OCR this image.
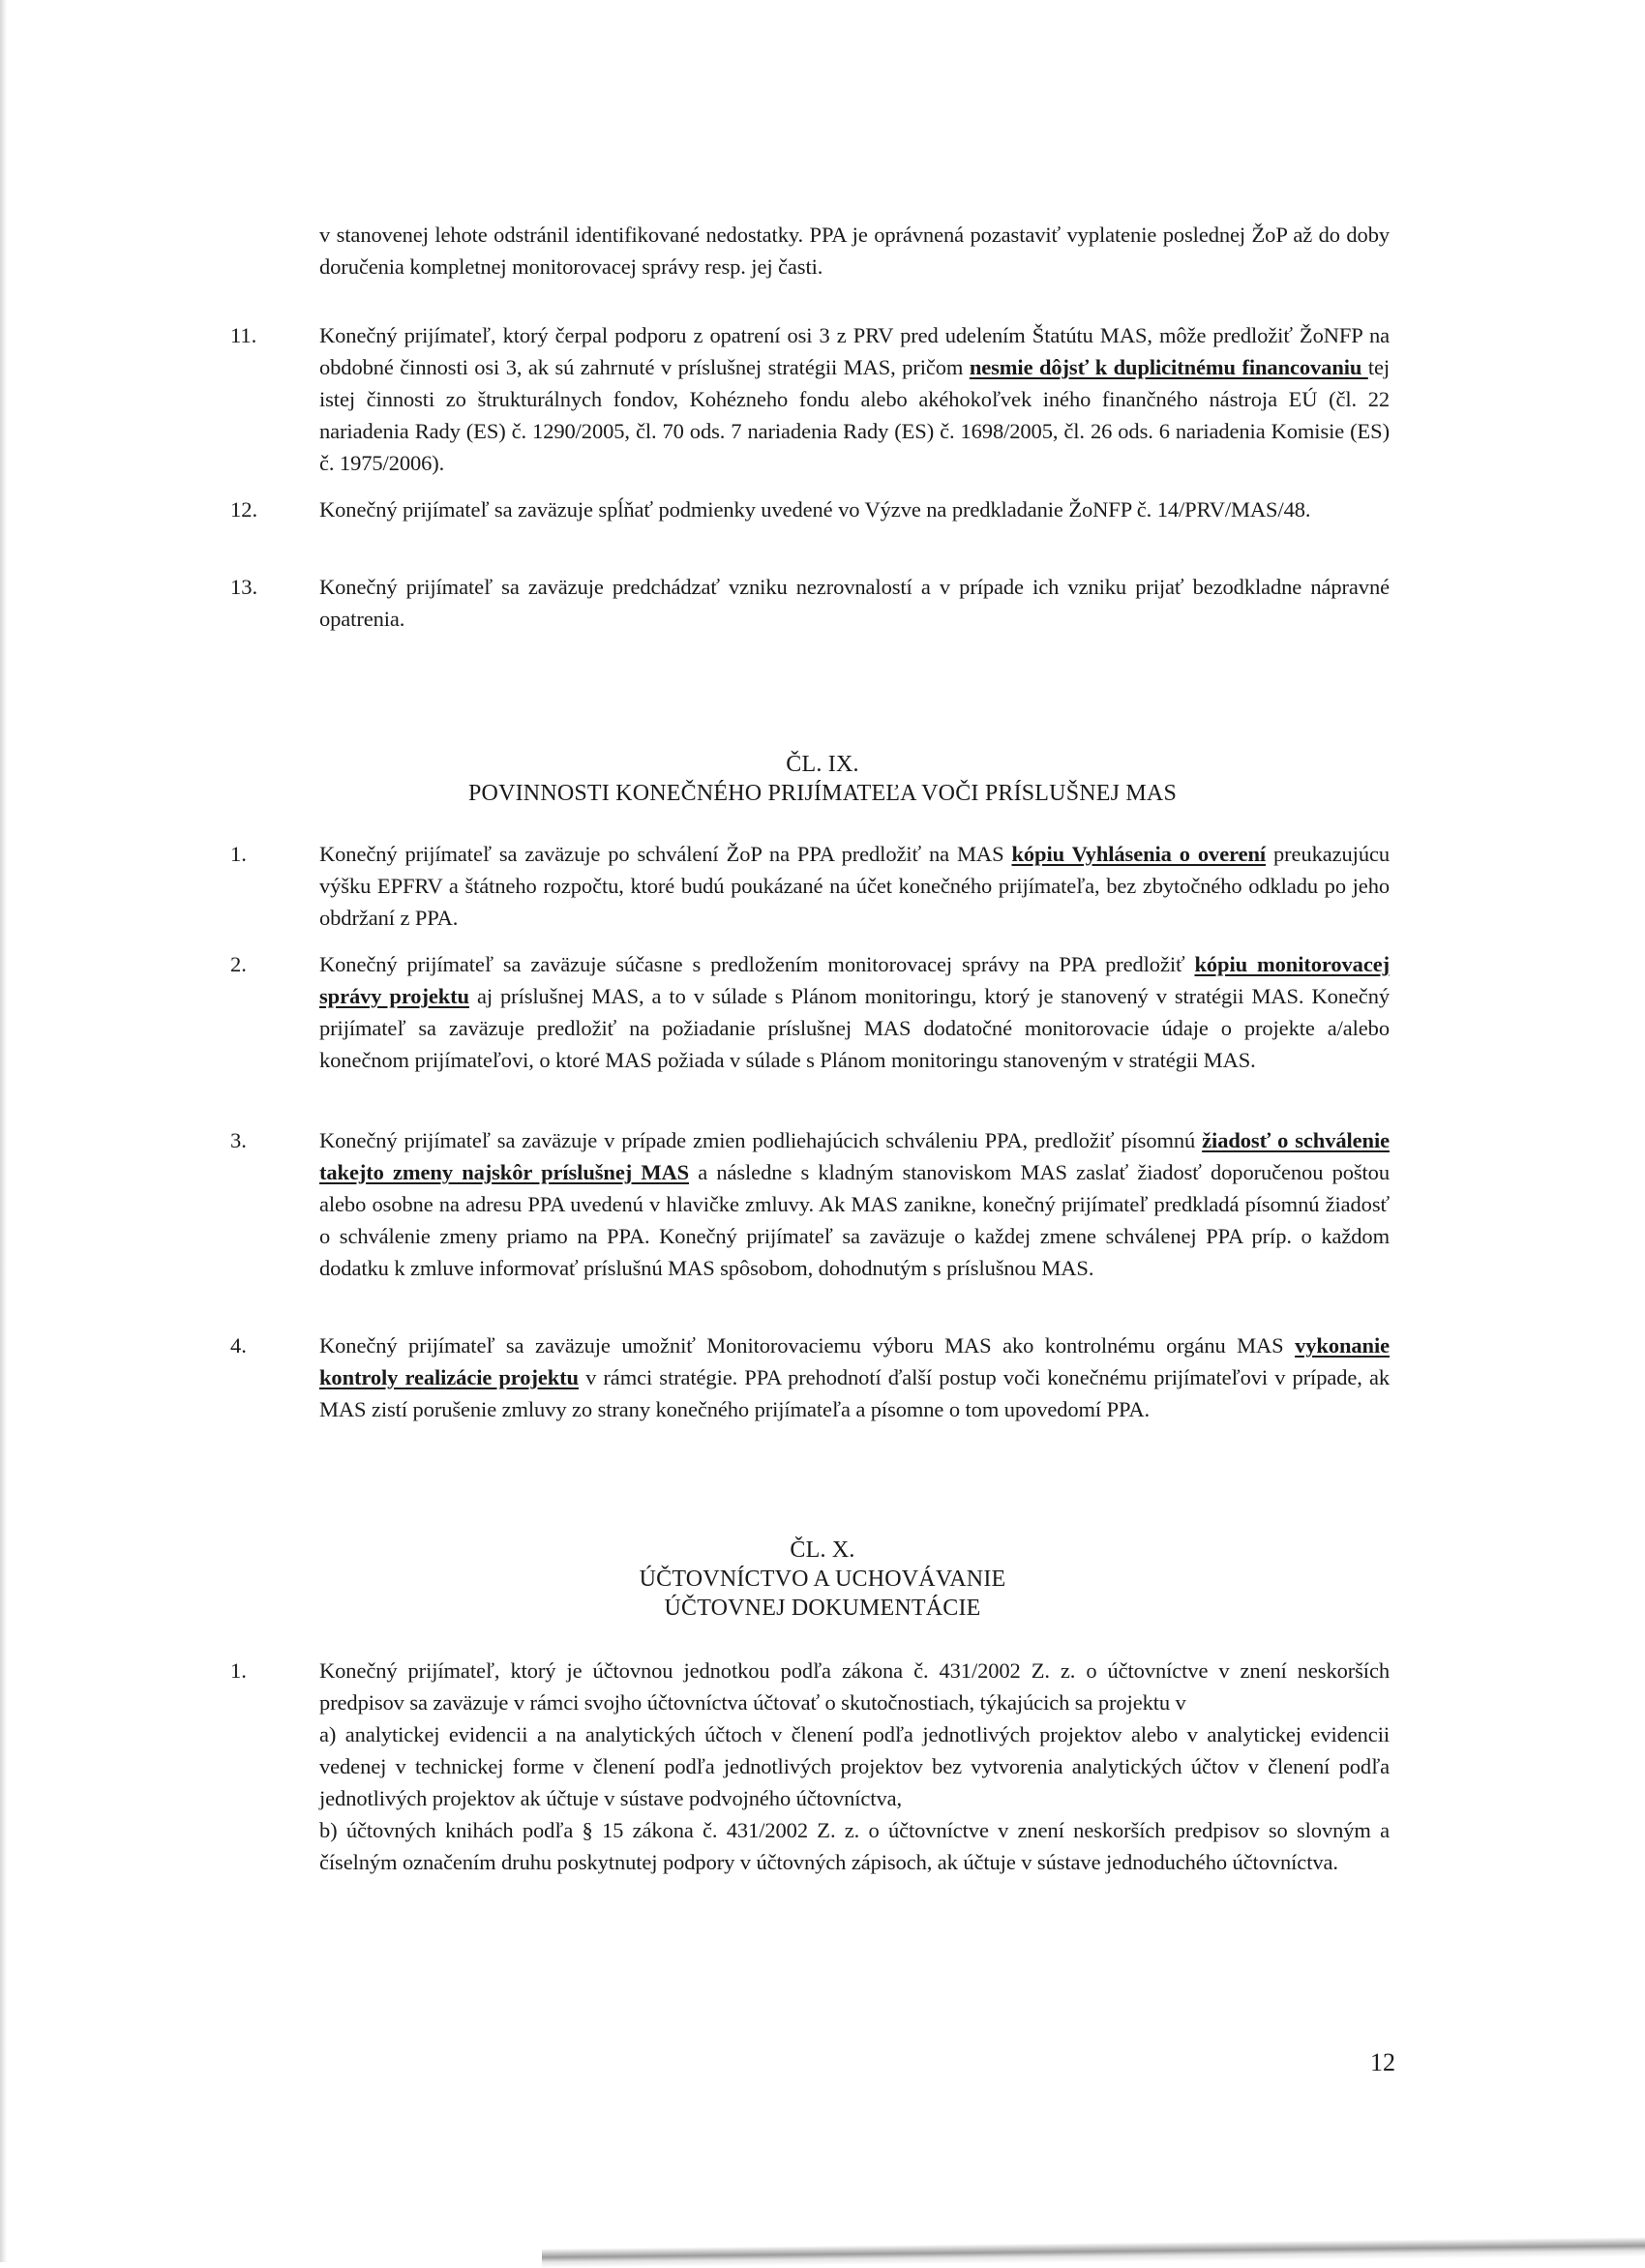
v stanovenej lehote odstránil identifikované nedostatky. PPA je oprávnená pozastaviť vyplatenie poslednej ŽoP až do doby doručenia kompletnej monitorovacej správy resp. jej časti.
11.	Konečný prijímateľ, ktorý čerpal podporu z opatrení osi 3 z PRV pred udelením Štatútu MAS, môže predložiť ŽoNFP na obdobné činnosti osi 3, ak sú zahrnuté v príslušnej stratégii MAS, pričom nesmie dôjsť k duplicitnému financovaniu tej istej činnosti zo štrukturálnych fondov, Kohézneho fondu alebo akéhokoľvek iného finančného nástroja EÚ (čl. 22 nariadenia Rady (ES) č. 1290/2005, čl. 70 ods. 7 nariadenia Rady (ES) č. 1698/2005, čl. 26 ods. 6 nariadenia Komisie (ES) č. 1975/2006).
12.	Konečný prijímateľ sa zaväzuje spĺňať podmienky uvedené vo Výzve na predkladanie ŽoNFP č. 14/PRV/MAS/48.
13.	Konečný prijímateľ sa zaväzuje predchádzať vzniku nezrovnalostí a v prípade ich vzniku prijať bezodkladne nápravné opatrenia.
ČL. IX.
POVINNOSTI KONEČNÉHO PRIJÍMATEĽA VOČI PRÍSLUŠNEJ MAS
1.	Konečný prijímateľ sa zaväzuje po schválení ŽoP na PPA predložiť na MAS kópiu Vyhlásenia o overení preukazujúcu výšku EPFRV a štátneho rozpočtu, ktoré budú poukázané na účet konečného prijímateľa, bez zbytočného odkladu po jeho obdržaní z PPA.
2.	Konečný prijímateľ sa zaväzuje súčasne s predložením monitorovacej správy na PPA predložiť kópiu monitorovacej správy projektu aj príslušnej MAS, a to v súlade s Plánom monitoringu, ktorý je stanovený v stratégii MAS. Konečný prijímateľ sa zaväzuje predložiť na požiadanie príslušnej MAS dodatočné monitorovacie údaje o projekte a/alebo konečnom prijímateľovi, o ktoré MAS požiada v súlade s Plánom monitoringu stanoveným v stratégii MAS.
3.	Konečný prijímateľ sa zaväzuje v prípade zmien podliehajúcich schváleniu PPA, predložiť písomnú žiadosť o schválenie takejto zmeny najskôr príslušnej MAS a následne s kladným stanoviskom MAS zaslať žiadosť doporučenou poštou alebo osobne na adresu PPA uvedenú v hlavičke zmluvy. Ak MAS zanikne, konečný prijímateľ predkladá písomnú žiadosť o schválenie zmeny priamo na PPA. Konečný prijímateľ sa zaväzuje o každej zmene schválenej PPA príp. o každom dodatku k zmluve informovať príslušnú MAS spôsobom, dohodnutým s príslušnou MAS.
4.	Konečný prijímateľ sa zaväzuje umožniť Monitorovaciemu výboru MAS ako kontrolnému orgánu MAS vykonanie kontroly realizácie projektu v rámci stratégie. PPA prehodnotí ďalší postup voči konečnému prijímateľovi v prípade, ak MAS zistí porušenie zmluvy zo strany konečného prijímateľa a písomne o tom upovedomí PPA.
ČL. X.
ÚČTOVNÍCTVO A UCHOVÁVANIE
ÚČTOVNEJ DOKUMENTÁCIE
1.	Konečný prijímateľ, ktorý je účtovnou jednotkou podľa zákona č. 431/2002 Z. z. o účtovníctve v znení neskorších predpisov sa zaväzuje v rámci svojho účtovníctva účtovať o skutočnostiach, týkajúcich sa projektu v
a) analytickej evidencii a na analytických účtoch v členení podľa jednotlivých projektov alebo v analytickej evidencii vedenej v technickej forme v členení podľa jednotlivých projektov bez vytvorenia analytických účtov v členení podľa jednotlivých projektov ak účtuje v sústave podvojného účtovníctva,
b) účtovných knihách podľa § 15 zákona č. 431/2002 Z. z. o účtovníctve v znení neskorších predpisov so slovným a číselným označením druhu poskytnutej podpory v účtovných zápisoch, ak účtuje v sústave jednoduchého účtovníctva.
12
